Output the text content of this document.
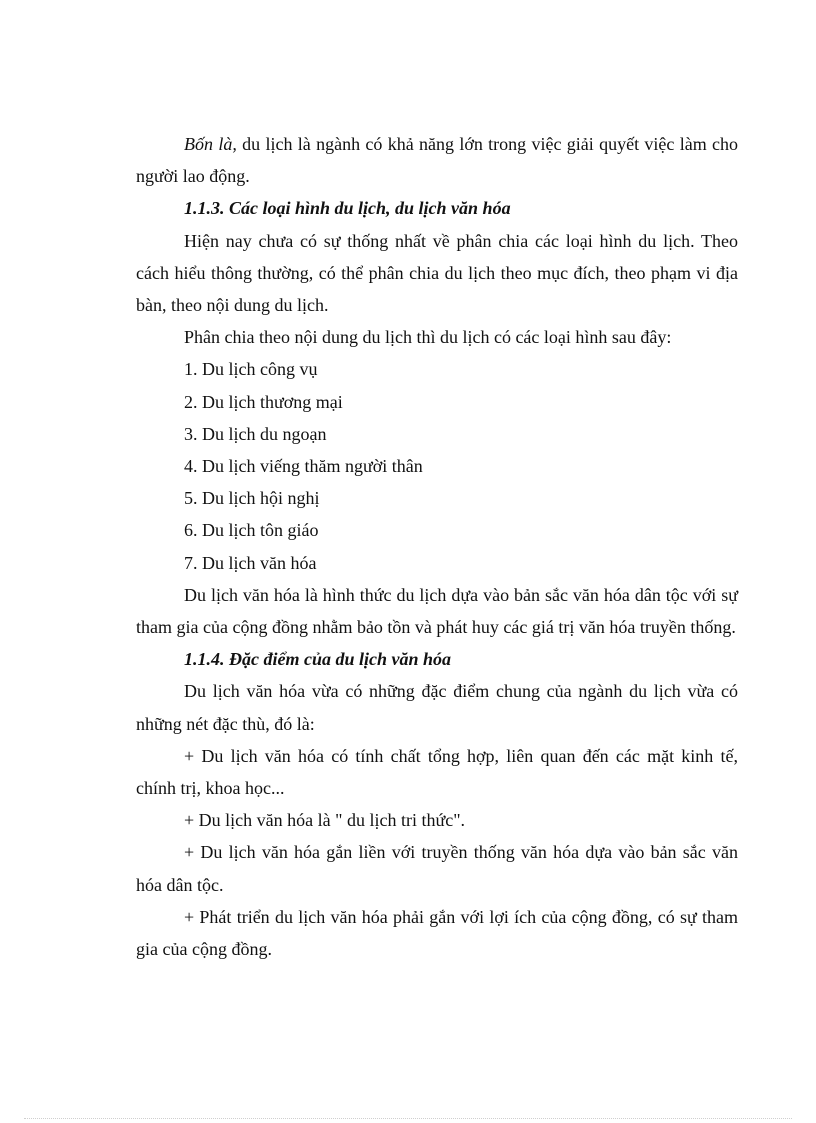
Bốn là, du lịch là ngành có khả năng lớn trong việc giải quyết việc làm cho người lao động.

1.1.3. Các loại hình du lịch, du lịch văn hóa

Hiện nay chưa có sự thống nhất về phân chia các loại hình du lịch. Theo cách hiểu thông thường, có thể phân chia du lịch theo mục đích, theo phạm vi địa bàn, theo nội dung du lịch.

Phân chia theo nội dung du lịch thì du lịch có các loại hình sau đây:

1. Du lịch công vụ

2. Du lịch thương mại

3. Du lịch du ngoạn

4. Du lịch viếng thăm người thân

5. Du lịch hội nghị

6. Du lịch tôn giáo

7. Du lịch văn hóa

Du lịch văn hóa là hình thức du lịch dựa vào bản sắc văn hóa dân tộc với sự tham gia của cộng đồng nhằm bảo tồn và phát huy các giá trị văn hóa truyền thống.

1.1.4. Đặc điểm của du lịch văn hóa

Du lịch văn hóa vừa có những đặc điểm chung của ngành du lịch vừa có những nét đặc thù, đó là:

+ Du lịch văn hóa có tính chất tổng hợp, liên quan đến các mặt kinh tế, chính trị, khoa học...

+ Du lịch văn hóa là " du lịch tri thức".

+ Du lịch văn hóa gắn liền với truyền thống văn hóa dựa vào bản sắc văn hóa dân tộc.

+ Phát triển du lịch văn hóa phải gắn với lợi ích của cộng đồng, có sự tham gia của cộng đồng.
